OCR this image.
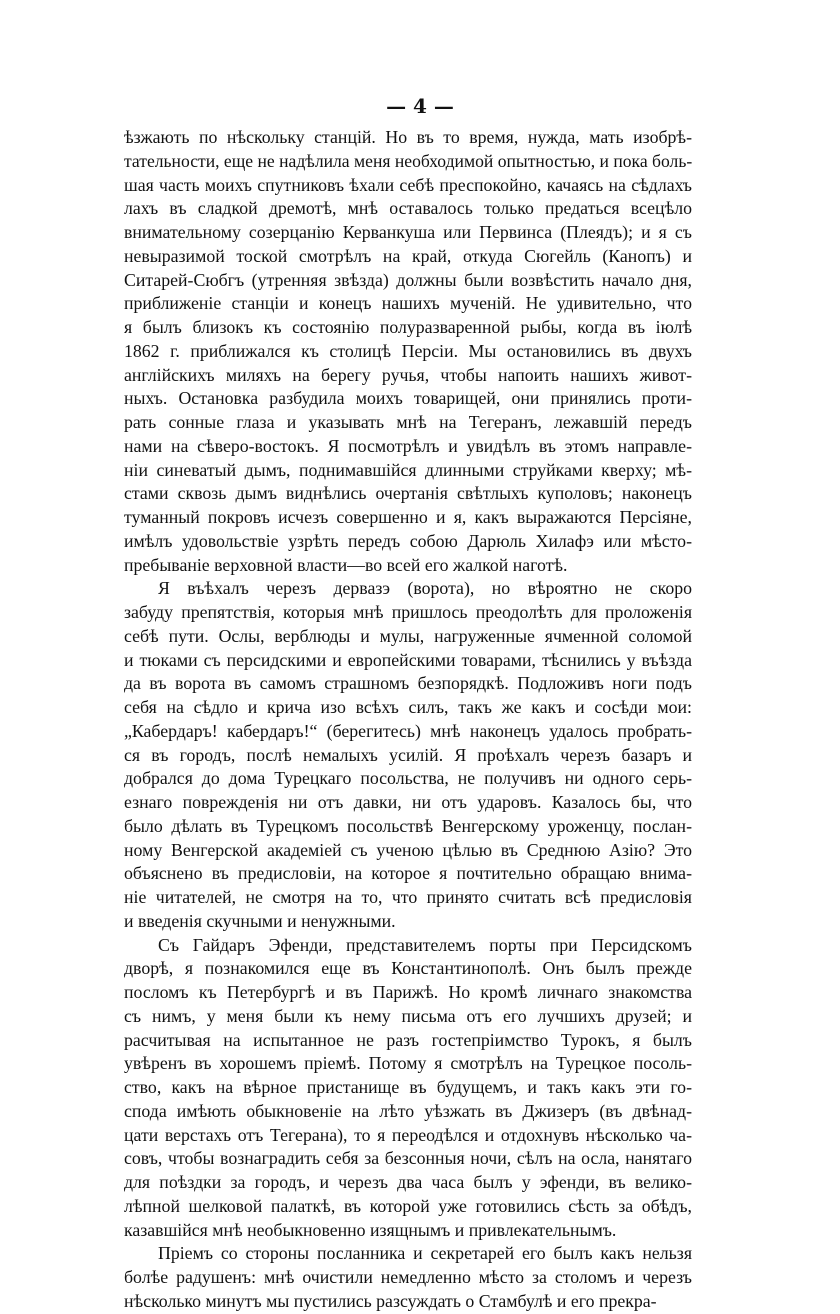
— 4 —
ѣзжають по нѣскольку станцій. Но въ то время, нужда, мать изобрѣ-
тательности, еще не надѣлила меня необходимой опытностью, и пока боль-
шая часть моихъ спутниковъ ѣхали себѣ преспокойно, качаясь на сѣдлахъ
лахъ въ сладкой дремотѣ, мнѣ оставалось только предаться всецѣло
внимательному созерцанію Керванкуша или Первинса (Плеядъ); и я съ
невыразимой тоской смотрѣлъ на край, откуда Сюгейль (Канопъ) и
Ситарей-Сюбгъ (утренняя звѣзда) должны были возвѣстить начало дня,
приближеніе станціи и конецъ нашихъ мученій. Не удивительно, что
я былъ близокъ къ состоянію полуразваренной рыбы, когда въ іюлѣ
1862 г. приближался къ столицѣ Персіи. Мы остановились въ двухъ
англійскихъ миляхъ на берегу ручья, чтобы напоить нашихъ живот-
ныхъ. Остановка разбудила моихъ товарищей, они принялись проти-
рать сонные глаза и указывать мнѣ на Тегеранъ, лежавшій передъ
нами на сѣверо-востокъ. Я посмотрѣлъ и увидѣлъ въ этомъ направле-
ніи синеватый дымъ, поднимавшійся длинными струйками кверху; мѣ-
стами сквозь дымъ виднѣлись очертанія свѣтлыхъ куполовъ; наконецъ
туманный покровъ исчезъ совершенно и я, какъ выражаются Персіяне,
имѣлъ удовольствіе узрѣть передъ собою Дарюль Хилафэ или мѣсто-
пребываніе верховной власти—во всей его жалкой наготѣ.
Я въѣхалъ черезъ дервазэ (ворота), но вѣроятно не скоро
забуду препятствія, которыя мнѣ пришлось преодолѣть для проложенія
себѣ пути. Ослы, верблюды и мулы, нагруженные ячменной соломой
и тюками съ персидскими и европейскими товарами, тѣснились у въѣзда
да въ ворота въ самомъ страшномъ безпорядкѣ. Подложивъ ноги подъ
себя на сѣдло и крича изо всѣхъ силъ, такъ же какъ и сосѣди мои:
„Кабердаръ! кабердаръ!“ (берегитесь) мнѣ наконецъ удалось пробрать-
ся въ городъ, послѣ немалыхъ усилій. Я проѣхалъ черезъ базаръ и
добрался до дома Турецкаго посольства, не получивъ ни одного серь-
езнаго поврежденія ни отъ давки, ни отъ ударовъ. Казалось бы, что
было дѣлать въ Турецкомъ посольствѣ Венгерскому уроженцу, послан-
ному Венгерской академіей съ ученою цѣлью въ Среднюю Азію? Это
объяснено въ предисловіи, на которое я почтительно обращаю внима-
ніе читателей, не смотря на то, что принято считать всѣ предисловія
и введенія скучными и ненужными.
Съ Гайдаръ Эфенди, представителемъ порты при Персидскомъ
дворѣ, я познакомился еще въ Константинополѣ. Онъ былъ прежде
посломъ къ Петербургѣ и въ Парижѣ. Но кромѣ личнаго знакомства
съ нимъ, у меня были къ нему письма отъ его лучшихъ друзей; и
расчитывая на испытанное не разъ гостепріимство Турокъ, я былъ
увѣренъ въ хорошемъ пріемѣ. Потому я смотрѣлъ на Турецкое посоль-
ство, какъ на вѣрное пристанище въ будущемъ, и такъ какъ эти го-
спода имѣють обыкновеніе на лѣто уѣзжать въ Джизеръ (въ двѣнад-
цати верстахъ отъ Тегерана), то я переодѣлся и отдохнувъ нѣсколько ча-
совъ, чтобы вознаградить себя за безсонныя ночи, сѣлъ на осла, нанятаго
для поѣздки за городъ, и черезъ два часа былъ у эфенди, въ велико-
лѣпной шелковой палаткѣ, въ которой уже готовились сѣсть за обѣдъ,
казавшійся мнѣ необыкновенно изящнымъ и привлекательнымъ.
Пріемъ со стороны посланника и секретарей его былъ какъ нельзя
болѣе радушенъ: мнѣ очистили немедленно мѣсто за столомъ и черезъ
нѣсколько минутъ мы пустились разсуждать о Стамбулѣ и его прекра-
